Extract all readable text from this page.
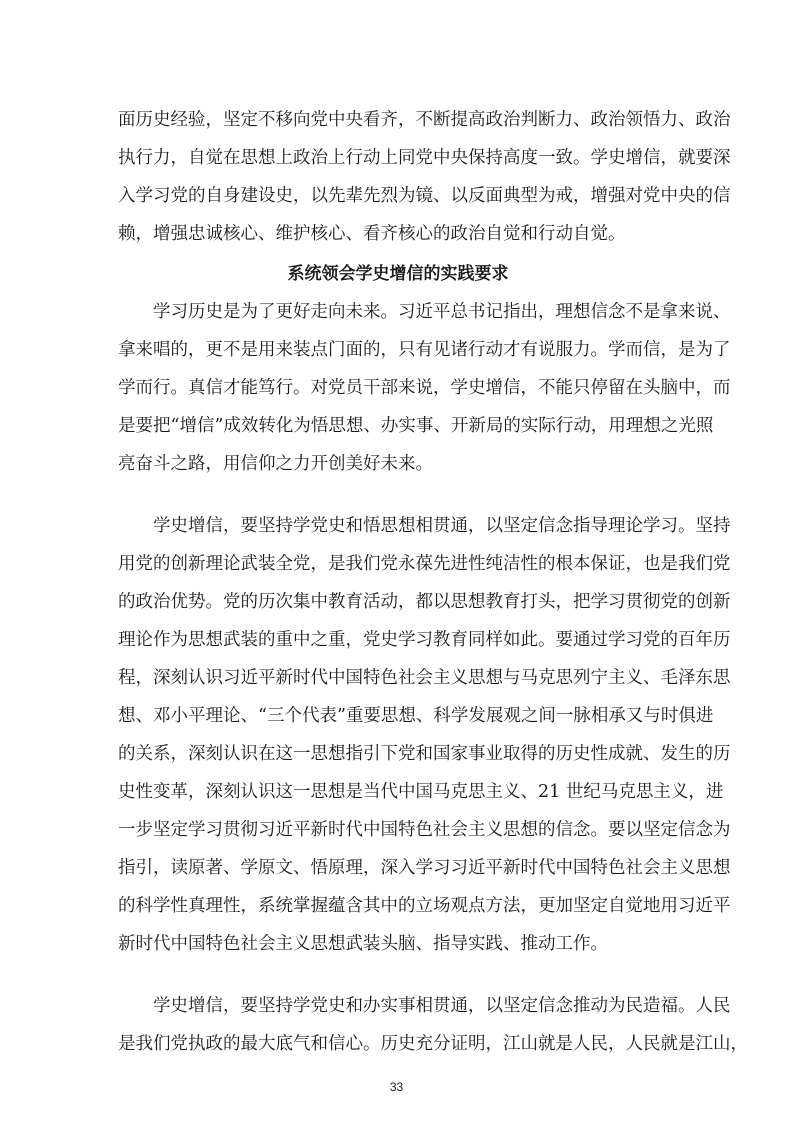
面历史经验，坚定不移向党中央看齐，不断提高政治判断力、政治领悟力、政治
执行力，自觉在思想上政治上行动上同党中央保持高度一致。学史增信，就要深
入学习党的自身建设史，以先辈先烈为镜、以反面典型为戒，增强对党中央的信
赖，增强忠诚核心、维护核心、看齐核心的政治自觉和行动自觉。
系统领会学史增信的实践要求
　　学习历史是为了更好走向未来。习近平总书记指出，理想信念不是拿来说、
拿来唱的，更不是用来装点门面的，只有见诸行动才有说服力。学而信，是为了
学而行。真信才能笃行。对党员干部来说，学史增信，不能只停留在头脑中，而
是要把“增信”成效转化为悟思想、办实事、开新局的实际行动，用理想之光照
亮奋斗之路，用信仰之力开创美好未来。
　　学史增信，要坚持学党史和悟思想相贯通，以坚定信念指导理论学习。坚持
用党的创新理论武装全党，是我们党永葆先进性纯洁性的根本保证，也是我们党
的政治优势。党的历次集中教育活动，都以思想教育打头，把学习贯彻党的创新
理论作为思想武装的重中之重，党史学习教育同样如此。要通过学习党的百年历
程，深刻认识习近平新时代中国特色社会主义思想与马克思列宁主义、毛泽东思
想、邓小平理论、“三个代表”重要思想、科学发展观之间一脉相承又与时俱进
的关系，深刻认识在这一思想指引下党和国家事业取得的历史性成就、发生的历
史性变革，深刻认识这一思想是当代中国马克思主义、21 世纪马克思主义，进
一步坚定学习贯彻习近平新时代中国特色社会主义思想的信念。要以坚定信念为
指引，读原著、学原文、悟原理，深入学习习近平新时代中国特色社会主义思想
的科学性真理性，系统掌握蕴含其中的立场观点方法，更加坚定自觉地用习近平
新时代中国特色社会主义思想武装头脑、指导实践、推动工作。
　　学史增信，要坚持学党史和办实事相贯通，以坚定信念推动为民造福。人民
是我们党执政的最大底气和信心。历史充分证明，江山就是人民，人民就是江山，
33
